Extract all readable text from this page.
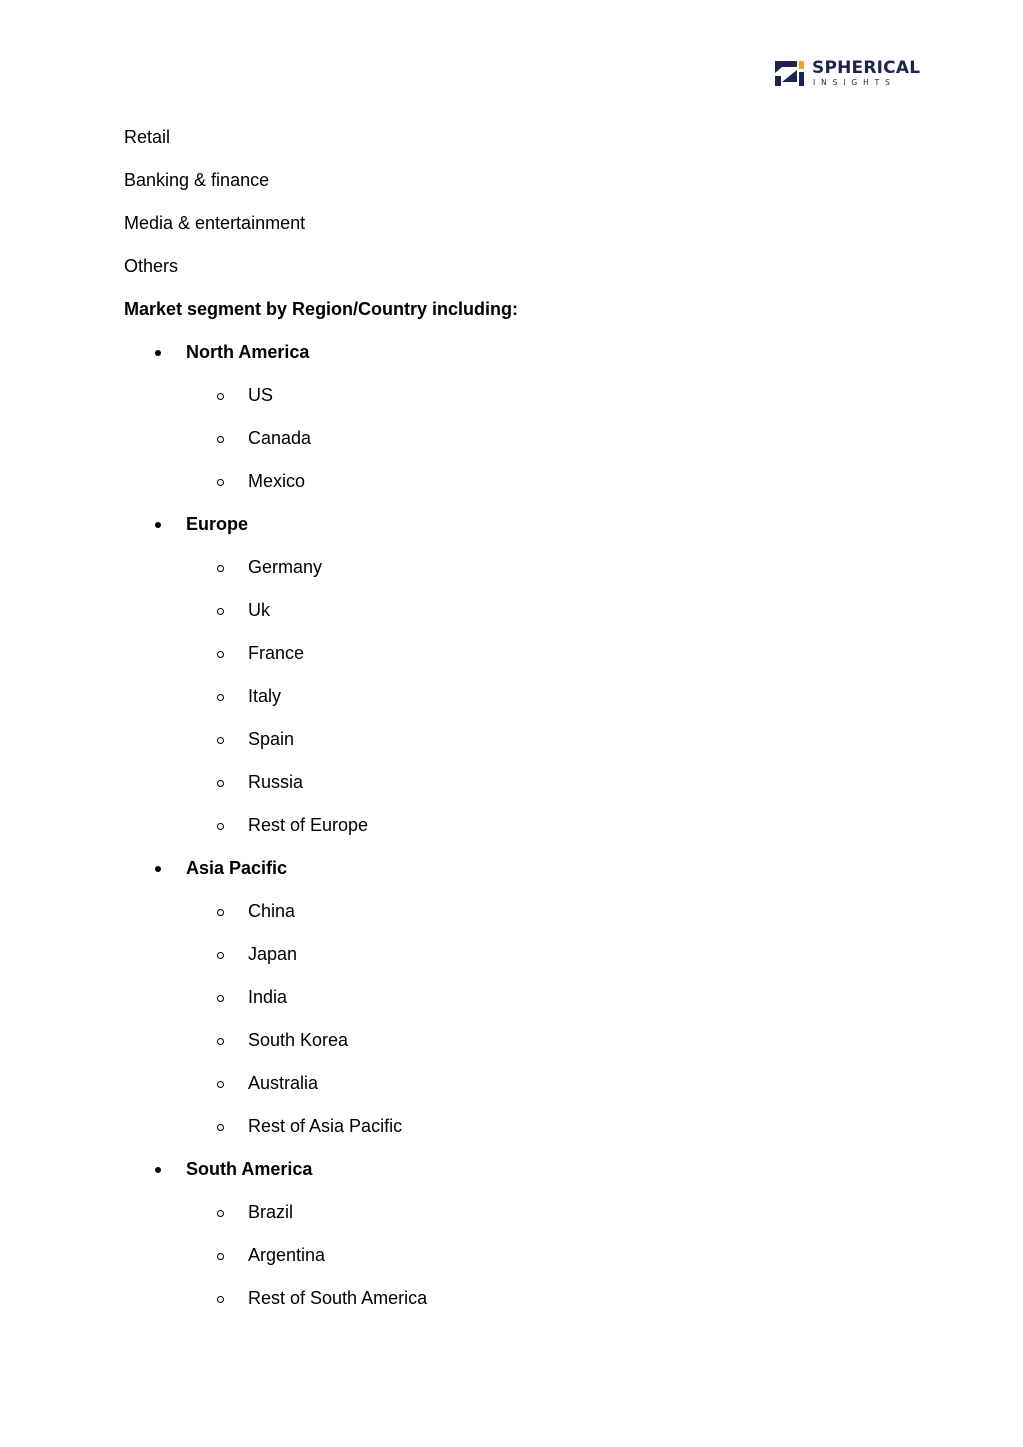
SPHERICAL
INSIGHTS
Retail
Banking & finance
Media & entertainment
Others
Market segment by Region/Country including:
North America
US
Canada
Mexico
Europe
Germany
Uk
France
Italy
Spain
Russia
Rest of Europe
Asia Pacific
China
Japan
India
South Korea
Australia
Rest of Asia Pacific
South America
Brazil
Argentina
Rest of South America
